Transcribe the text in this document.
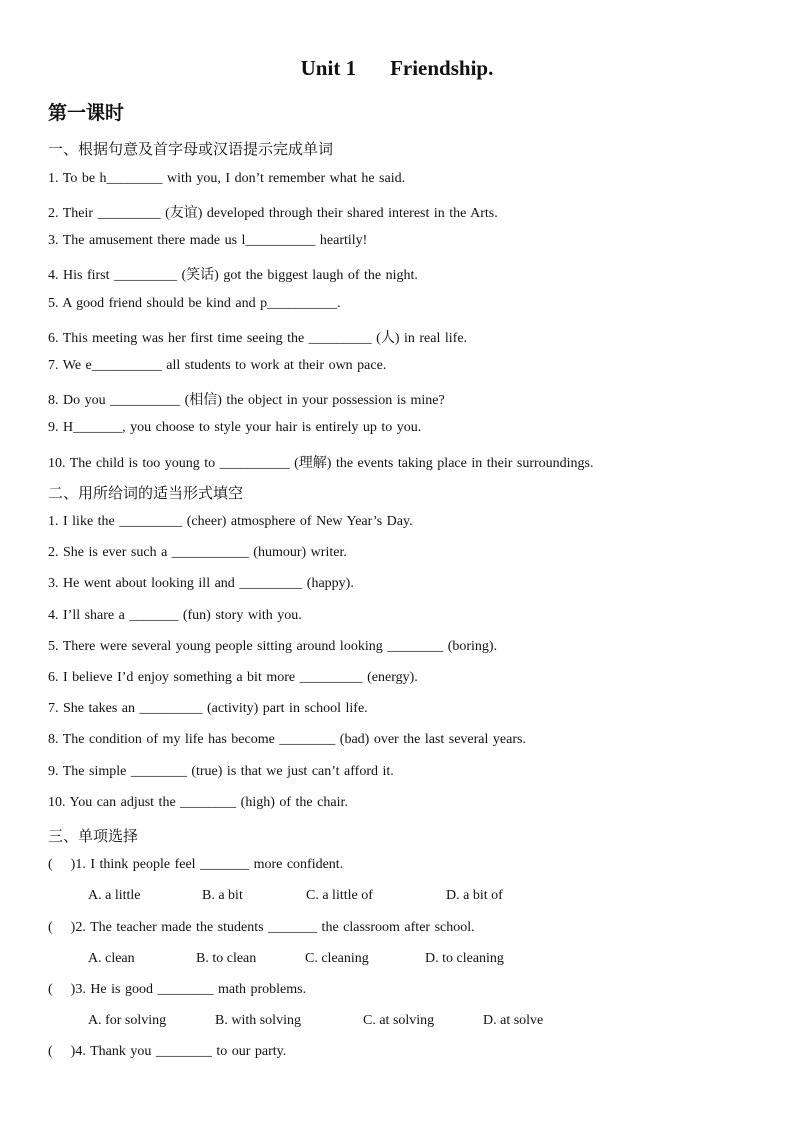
Unit 1 Friendship.
第一课时
一、根据句意及首字母或汉语提示完成单词
1. To be h________ with you, I don’t remember what he said.
2. Their _________ (友谊) developed through their shared interest in the Arts.
3. The amusement there made us l__________ heartily!
4. His first _________ (笑话) got the biggest laugh of the night.
5. A good friend should be kind and p__________.
6. This meeting was her first time seeing the _________ (人) in real life.
7. We e__________ all students to work at their own pace.
8. Do you __________ (相信) the object in your possession is mine?
9. H_______, you choose to style your hair is entirely up to you.
10. The child is too young to __________ (理解) the events taking place in their surroundings.
二、用所给词的适当形式填空
1. I like the _________ (cheer) atmosphere of New Year’s Day.
2. She is ever such a ___________ (humour) writer.
3. He went about looking ill and _________ (happy).
4. I’ll share a _______ (fun) story with you.
5. There were several young people sitting around looking ________ (boring).
6. I believe I’d enjoy something a bit more _________ (energy).
7. She takes an _________ (activity) part in school life.
8. The condition of my life has become ________ (bad) over the last several years.
9. The simple ________ (true) is that we just can’t afford it.
10. You can adjust the ________ (high) of the chair.
三、单项选择
(    )1. I think people feel _______ more confident.

A. a little

	B. a bit

	C. a little of

	D. a bit of

(    )2. The teacher made the students _______ the classroom after school.

A. clean

	B. to clean

	C. cleaning

	D. to cleaning

(    )3. He is good ________ math problems.

A. for solving

	B. with solving

	C. at solving

	D. at solve

(    )4. Thank you ________ to our party.
